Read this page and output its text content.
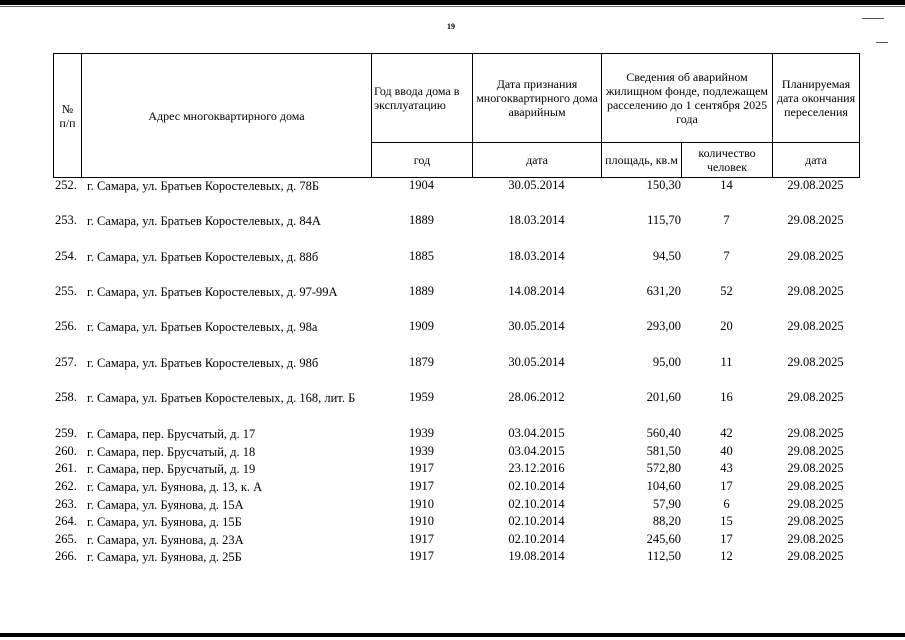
19
№ п/п	Адрес многоквартирного дома	Год ввода дома в эксплуатацию	Дата признания многоквартирного дома аварийным	Сведения об аварийном жилищном фонде, подлежащем расселению до 1 сентября 2025 года		Планируемая дата окончания переселения
		год	дата	площадь, кв.м	количество человек	дата
252. г. Самара, ул. Братьев Коростелевых, д. 78Б	1904	30.05.2014	150,30	14	29.08.2025
253. г. Самара, ул. Братьев Коростелевых, д. 84А	1889	18.03.2014	115,70	7	29.08.2025
254. г. Самара, ул. Братьев Коростелевых, д. 88б	1885	18.03.2014	94,50	7	29.08.2025
255. г. Самара, ул. Братьев Коростелевых, д. 97-99А	1889	14.08.2014	631,20	52	29.08.2025
256. г. Самара, ул. Братьев Коростелевых, д. 98а	1909	30.05.2014	293,00	20	29.08.2025
257. г. Самара, ул. Братьев Коростелевых, д. 98б	1879	30.05.2014	95,00	11	29.08.2025
258. г. Самара, ул. Братьев Коростелевых, д. 168, лит. Б	1959	28.06.2012	201,60	16	29.08.2025
259. г. Самара, пер. Брусчатый, д. 17	1939	03.04.2015	560,40	42	29.08.2025
260. г. Самара, пер. Брусчатый, д. 18	1939	03.04.2015	581,50	40	29.08.2025
261. г. Самара, пер. Брусчатый, д. 19	1917	23.12.2016	572,80	43	29.08.2025
262. г. Самара, ул. Буянова, д. 13, к. А	1917	02.10.2014	104,60	17	29.08.2025
263. г. Самара, ул. Буянова, д. 15А	1910	02.10.2014	57,90	6	29.08.2025
264. г. Самара, ул. Буянова, д. 15Б	1910	02.10.2014	88,20	15	29.08.2025
265. г. Самара, ул. Буянова, д. 23А	1917	02.10.2014	245,60	17	29.08.2025
266. г. Самара, ул. Буянова, д. 25Б	1917	19.08.2014	112,50	12	29.08.2025
